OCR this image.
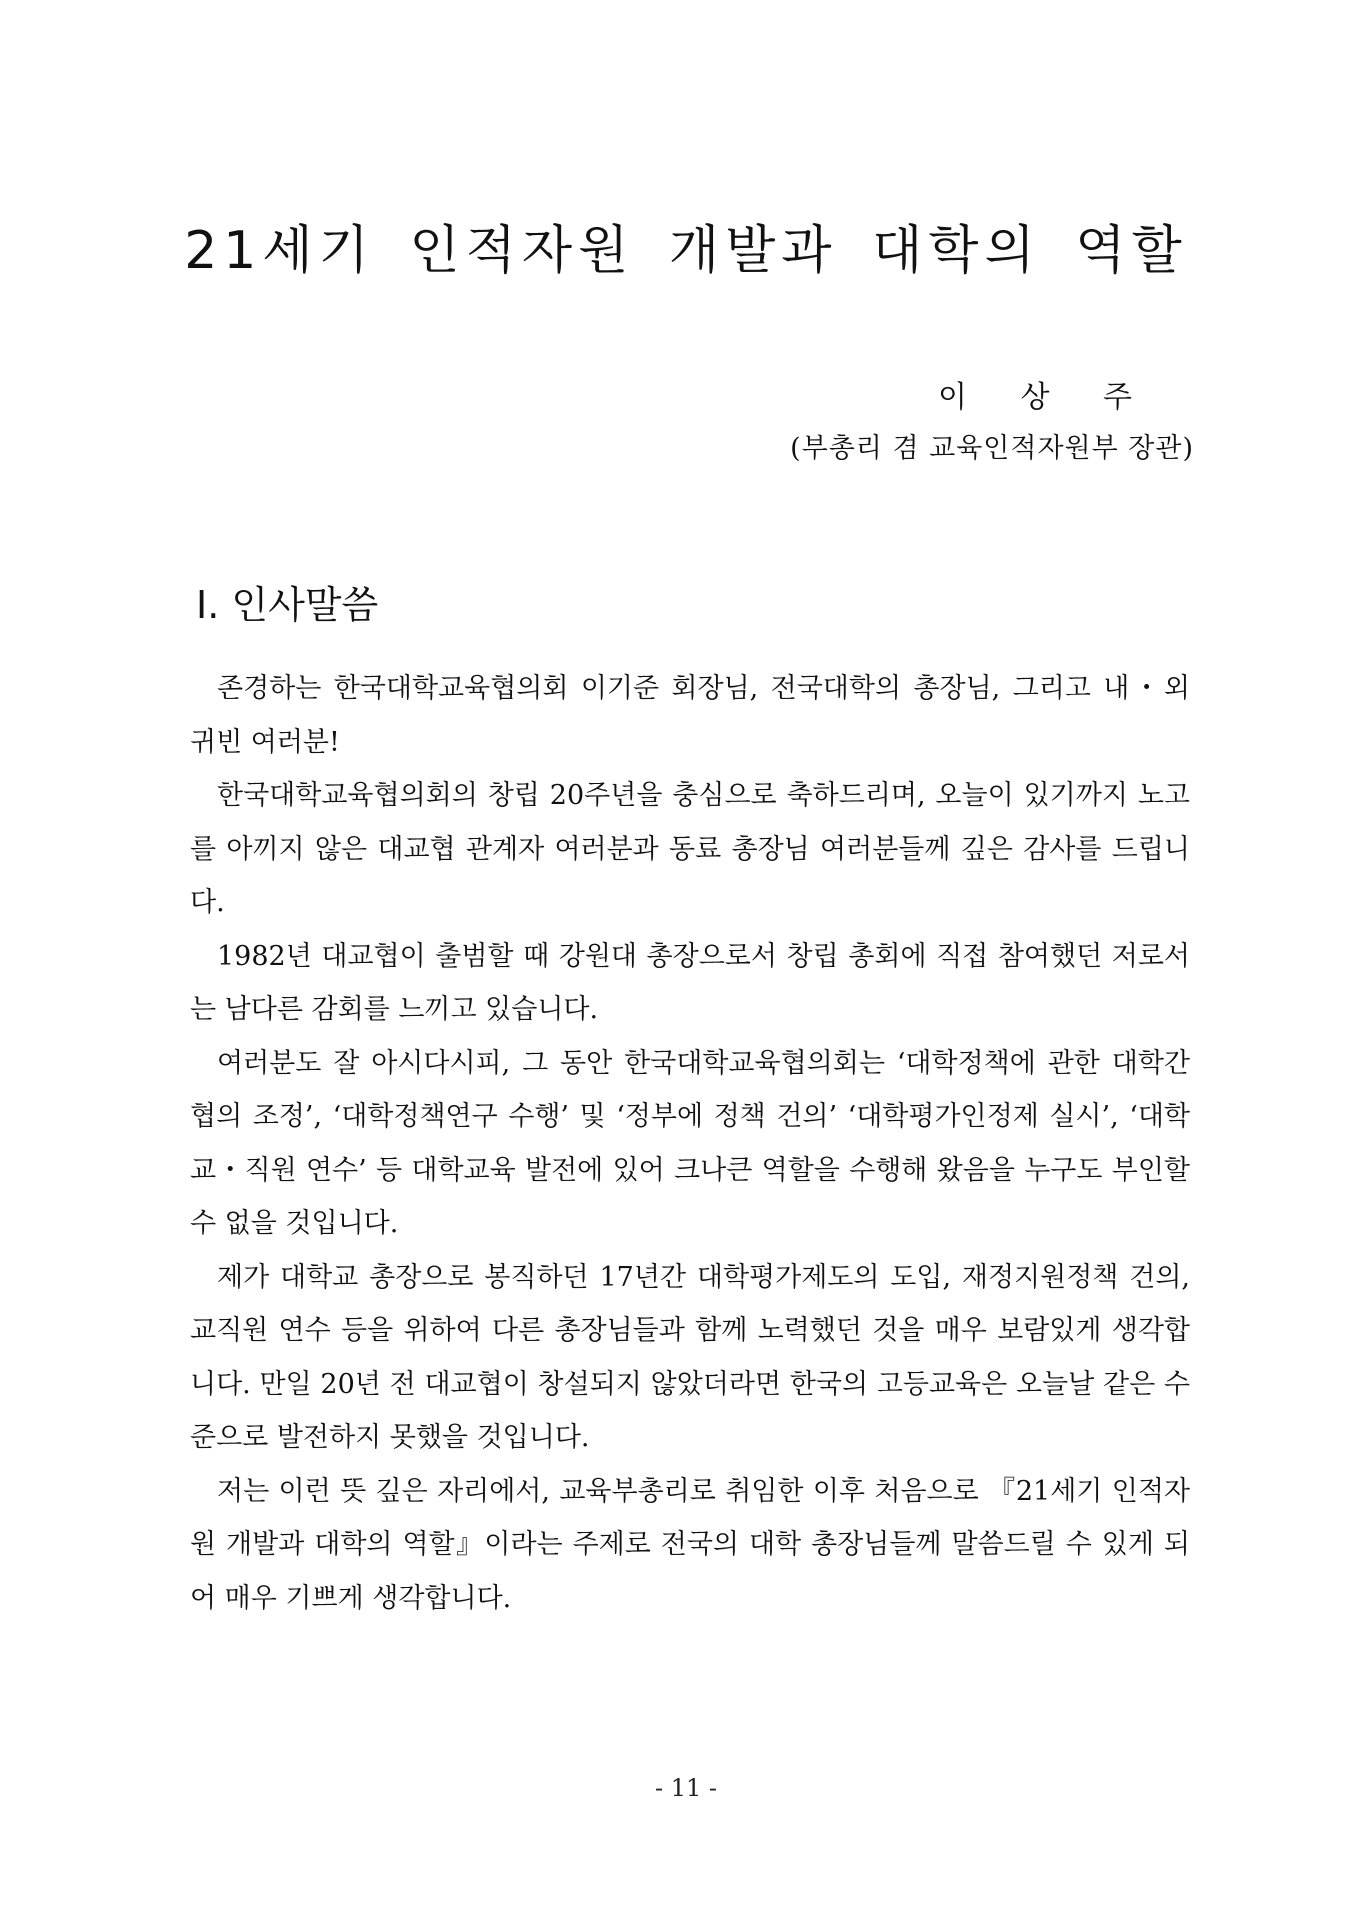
21세기 인적자원 개발과 대학의 역할
이 상 주
(부총리 겸 교육인적자원부 장관)
Ⅰ. 인사말씀

존경하는 한국대학교육협의회 이기준 회장님, 전국대학의 총장님, 그리고 내・외 귀빈 여러분!

한국대학교육협의회의 창립 20주년을 충심으로 축하드리며, 오늘이 있기까지 노고를 아끼지 않은 대교협 관계자 여러분과 동료 총장님 여러분들께 깊은 감사를 드립니다.

1982년 대교협이 출범할 때 강원대 총장으로서 창립 총회에 직접 참여했던 저로서는 남다른 감회를 느끼고 있습니다.

여러분도 잘 아시다시피, 그 동안 한국대학교육협의회는 ‘대학정책에 관한 대학간 협의 조정’, ‘대학정책연구 수행’ 및 ‘정부에 정책 건의’ ‘대학평가인정제 실시’, ‘대학 교・직원 연수’ 등 대학교육 발전에 있어 크나큰 역할을 수행해 왔음을 누구도 부인할 수 없을 것입니다.

제가 대학교 총장으로 봉직하던 17년간 대학평가제도의 도입, 재정지원정책 건의, 교직원 연수 등을 위하여 다른 총장님들과 함께 노력했던 것을 매우 보람있게 생각합니다. 만일 20년 전 대교협이 창설되지 않았더라면 한국의 고등교육은 오늘날 같은 수준으로 발전하지 못했을 것입니다.

저는 이런 뜻 깊은 자리에서, 교육부총리로 취임한 이후 처음으로 『21세기 인적자원 개발과 대학의 역할』이라는 주제로 전국의 대학 총장님들께 말씀드릴 수 있게 되어 매우 기쁘게 생각합니다.

- 11 -
